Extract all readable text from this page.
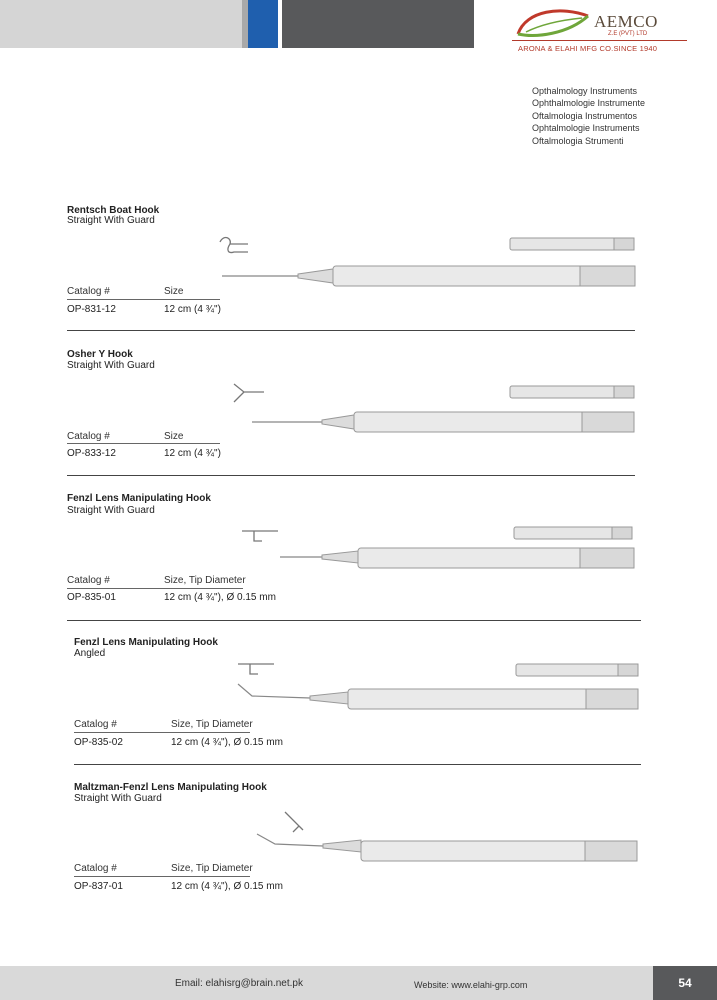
AEMCO
Z.E (PVT) LTD
ARONA & ELAHI MFG CO.SINCE 1940
Opthalmology Instruments
Ophthalmologie Instrumente
Oftalmologia Instrumentos
Ophtalmologie Instruments
Oftalmologia Strumenti
Rentsch Boat Hook
Straight With Guard
Catalog #	Size
OP-831-12	12 cm (4 ¾")
Osher Y Hook
Straight With Guard
Catalog #	Size
OP-833-12	12 cm (4 ¾")
Fenzl Lens Manipulating Hook
Straight With Guard
Catalog #	Size, Tip Diameter
OP-835-01	12 cm (4 ¾"), Ø 0.15 mm
Fenzl Lens Manipulating Hook
Angled
Catalog #	Size, Tip Diameter
OP-835-02	12 cm (4 ¾"), Ø 0.15 mm
Maltzman-Fenzl Lens Manipulating Hook
Straight With Guard
Catalog #	Size, Tip Diameter
OP-837-01	12 cm (4 ¾"), Ø 0.15 mm
Email: elahisrg@brain.net.pk	Website: www.elahi-grp.com	54
